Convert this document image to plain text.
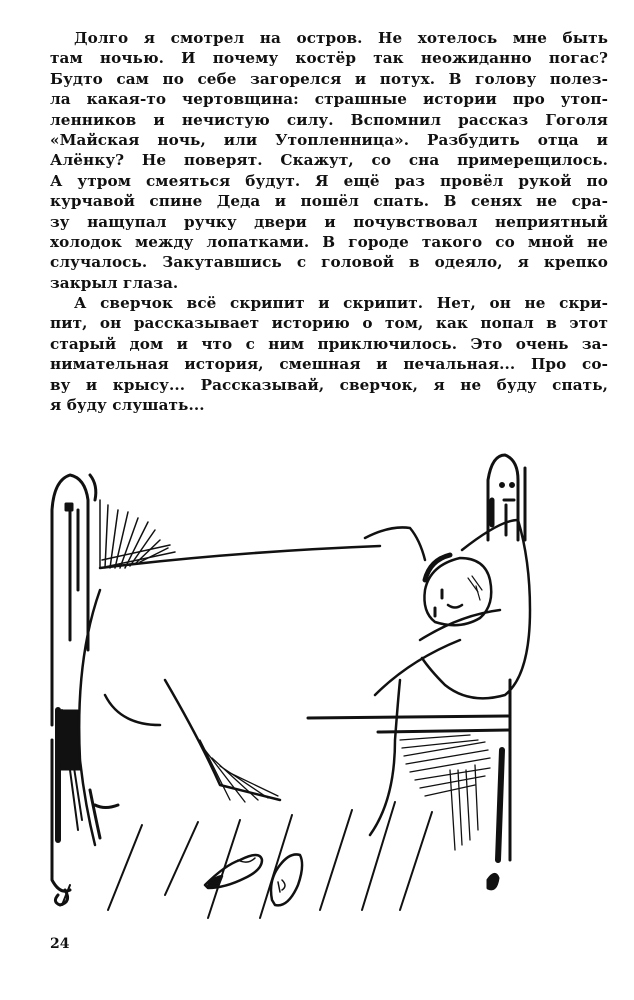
Долго я смотрел на остров. Не хотелось мне быть
там ночью. И почему костёр так неожиданно погас?
Будто сам по себе загорелся и потух. В голову полез-
ла какая-то чертовщина: страшные истории про утоп-
ленников и нечистую силу. Вспомнил рассказ Гоголя
«Майская ночь, или Утопленница». Разбудить отца и
Алёнку? Не поверят. Скажут, со сна примерещилось.
А утром смеяться будут. Я ещё раз провёл рукой по
курчавой спине Деда и пошёл спать. В сенях не сра-
зу нащупал ручку двери и почувствовал неприятный
холодок между лопатками. В городе такого со мной не
случалось. Закутавшись с головой в одеяло, я крепко
закрыл глаза.
А сверчок всё скрипит и скрипит. Нет, он не скри-
пит, он рассказывает историю о том, как попал в этот
старый дом и что с ним приключилось. Это очень за-
нимательная история, смешная и печальная... Про со-
ву и крысу... Рассказывай, сверчок, я не буду спать,
я буду слушать...
24
